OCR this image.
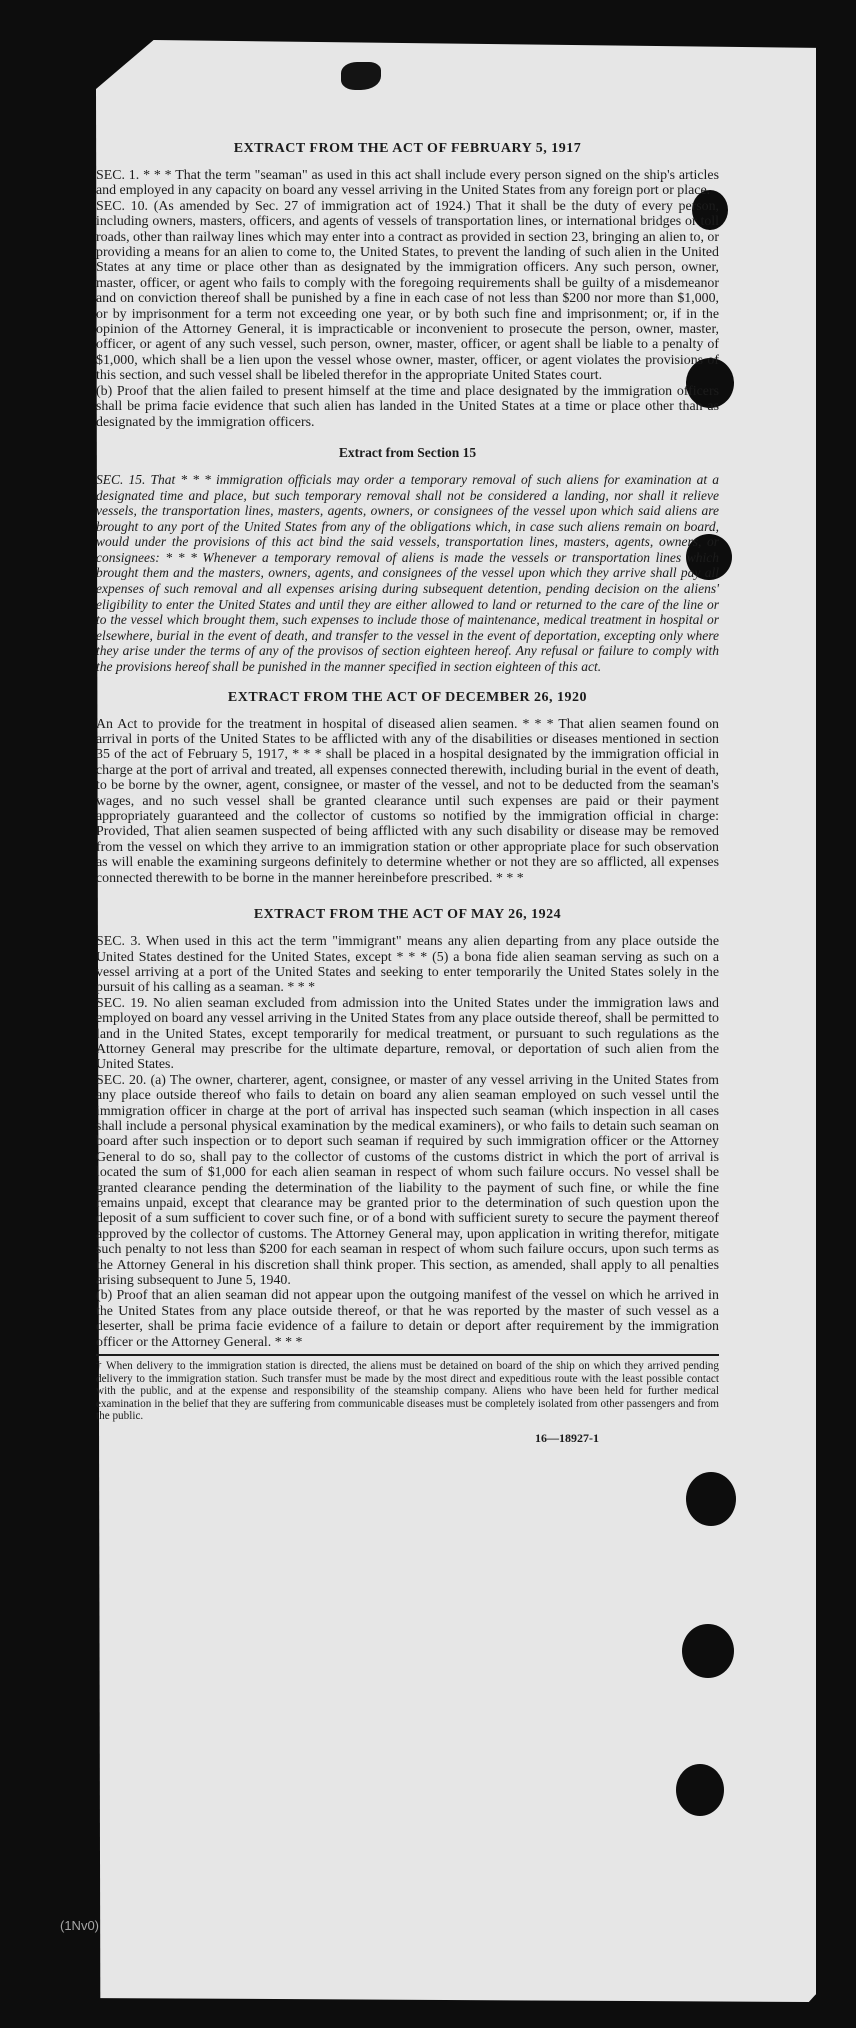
EXTRACT FROM THE ACT OF FEBRUARY 5, 1917

SEC. 1. * * * That the term "seaman" as used in this act shall include every person signed on the ship's articles and employed in any capacity on board any vessel arriving in the United States from any foreign port or place.

SEC. 10. (As amended by Sec. 27 of immigration act of 1924.) That it shall be the duty of every person, including owners, masters, officers, and agents of vessels of transportation lines, or international bridges or toll roads, other than railway lines which may enter into a contract as provided in section 23, bringing an alien to, or providing a means for an alien to come to, the United States, to prevent the landing of such alien in the United States at any time or place other than as designated by the immigration officers. Any such person, owner, master, officer, or agent who fails to comply with the foregoing requirements shall be guilty of a misdemeanor and on conviction thereof shall be punished by a fine in each case of not less than $200 nor more than $1,000, or by imprisonment for a term not exceeding one year, or by both such fine and imprisonment; or, if in the opinion of the Attorney General, it is impracticable or inconvenient to prosecute the person, owner, master, officer, or agent of any such vessel, such person, owner, master, officer, or agent shall be liable to a penalty of $1,000, which shall be a lien upon the vessel whose owner, master, officer, or agent violates the provisions of this section, and such vessel shall be libeled therefor in the appropriate United States court.

(b) Proof that the alien failed to present himself at the time and place designated by the immigration officers shall be prima facie evidence that such alien has landed in the United States at a time or place other than as designated by the immigration officers.

Extract from Section 15

SEC. 15. That * * * immigration officials may order a temporary removal of such aliens for examination at a designated time and place, but such temporary removal shall not be considered a landing, nor shall it relieve vessels, the transportation lines, masters, agents, owners, or consignees of the vessel upon which said aliens are brought to any port of the United States from any of the obligations which, in case such aliens remain on board, would under the provisions of this act bind the said vessels, transportation lines, masters, agents, owners, or consignees: * * * Whenever a temporary removal of aliens is made the vessels or transportation lines which brought them and the masters, owners, agents, and consignees of the vessel upon which they arrive shall pay all expenses of such removal and all expenses arising during subsequent detention, pending decision on the aliens' eligibility to enter the United States and until they are either allowed to land or returned to the care of the line or to the vessel which brought them, such expenses to include those of maintenance, medical treatment in hospital or elsewhere, burial in the event of death, and transfer to the vessel in the event of deportation, excepting only where they arise under the terms of any of the provisos of section eighteen hereof. Any refusal or failure to comply with the provisions hereof shall be punished in the manner specified in section eighteen of this act.

EXTRACT FROM THE ACT OF DECEMBER 26, 1920

An Act to provide for the treatment in hospital of diseased alien seamen. * * * That alien seamen found on arrival in ports of the United States to be afflicted with any of the disabilities or diseases mentioned in section 35 of the act of February 5, 1917, * * * shall be placed in a hospital designated by the immigration official in charge at the port of arrival and treated, all expenses connected therewith, including burial in the event of death, to be borne by the owner, agent, consignee, or master of the vessel, and not to be deducted from the seaman's wages, and no such vessel shall be granted clearance until such expenses are paid or their payment appropriately guaranteed and the collector of customs so notified by the immigration official in charge: Provided, That alien seamen suspected of being afflicted with any such disability or disease may be removed from the vessel on which they arrive to an immigration station or other appropriate place for such observation as will enable the examining surgeons definitely to determine whether or not they are so afflicted, all expenses connected therewith to be borne in the manner hereinbefore prescribed. * * *

EXTRACT FROM THE ACT OF MAY 26, 1924

SEC. 3. When used in this act the term "immigrant" means any alien departing from any place outside the United States destined for the United States, except * * * (5) a bona fide alien seaman serving as such on a vessel arriving at a port of the United States and seeking to enter temporarily the United States solely in the pursuit of his calling as a seaman. * * *

SEC. 19. No alien seaman excluded from admission into the United States under the immigration laws and employed on board any vessel arriving in the United States from any place outside thereof, shall be permitted to land in the United States, except temporarily for medical treatment, or pursuant to such regulations as the Attorney General may prescribe for the ultimate departure, removal, or deportation of such alien from the United States.

SEC. 20. (a) The owner, charterer, agent, consignee, or master of any vessel arriving in the United States from any place outside thereof who fails to detain on board any alien seaman employed on such vessel until the immigration officer in charge at the port of arrival has inspected such seaman (which inspection in all cases shall include a personal physical examination by the medical examiners), or who fails to detain such seaman on board after such inspection or to deport such seaman if required by such immigration officer or the Attorney General to do so, shall pay to the collector of customs of the customs district in which the port of arrival is located the sum of $1,000 for each alien seaman in respect of whom such failure occurs. No vessel shall be granted clearance pending the determination of the liability to the payment of such fine, or while the fine remains unpaid, except that clearance may be granted prior to the determination of such question upon the deposit of a sum sufficient to cover such fine, or of a bond with sufficient surety to secure the payment thereof approved by the collector of customs. The Attorney General may, upon application in writing therefor, mitigate such penalty to not less than $200 for each seaman in respect of whom such failure occurs, upon such terms as the Attorney General in his discretion shall think proper. This section, as amended, shall apply to all penalties arising subsequent to June 5, 1940.

(b) Proof that an alien seaman did not appear upon the outgoing manifest of the vessel on which he arrived in the United States from any place outside thereof, or that he was reported by the master of such vessel as a deserter, shall be prima facie evidence of a failure to detain or deport after requirement by the immigration officer or the Attorney General. * * *

† When delivery to the immigration station is directed, the aliens must be detained on board of the ship on which they arrived pending delivery to the immigration station. Such transfer must be made by the most direct and expeditious route with the least possible contact with the public, and at the expense and responsibility of the steamship company. Aliens who have been held for further medical examination in the belief that they are suffering from communicable diseases must be completely isolated from other passengers and from the public.
16—18927-1
(1Nv0)
